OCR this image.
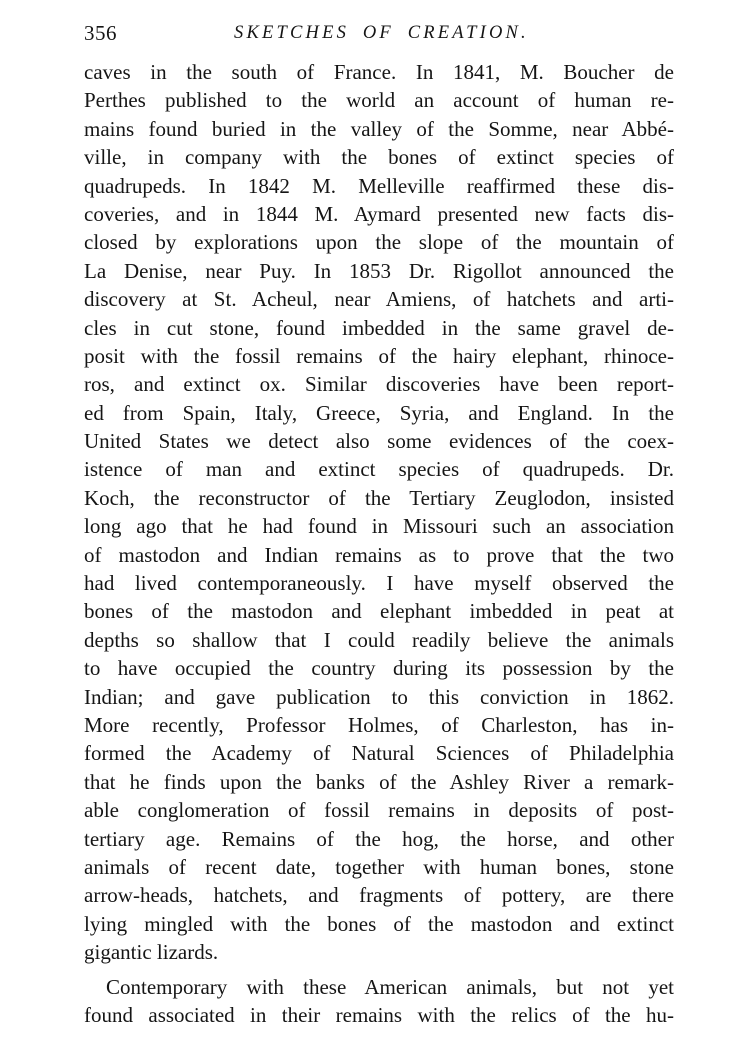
356	SKETCHES OF CREATION.
caves in the south of France. In 1841, M. Boucher de
Perthes published to the world an account of human re-
mains found buried in the valley of the Somme, near Abbé-
ville, in company with the bones of extinct species of
quadrupeds. In 1842 M. Melleville reaffirmed these dis-
coveries, and in 1844 M. Aymard presented new facts dis-
closed by explorations upon the slope of the mountain of
La Denise, near Puy. In 1853 Dr. Rigollot announced the
discovery at St. Acheul, near Amiens, of hatchets and arti-
cles in cut stone, found imbedded in the same gravel de-
posit with the fossil remains of the hairy elephant, rhinoce-
ros, and extinct ox. Similar discoveries have been report-
ed from Spain, Italy, Greece, Syria, and England. In the
United States we detect also some evidences of the coex-
istence of man and extinct species of quadrupeds. Dr.
Koch, the reconstructor of the Tertiary Zeuglodon, insisted
long ago that he had found in Missouri such an association
of mastodon and Indian remains as to prove that the two
had lived contemporaneously. I have myself observed the
bones of the mastodon and elephant imbedded in peat at
depths so shallow that I could readily believe the animals
to have occupied the country during its possession by the
Indian; and gave publication to this conviction in 1862.
More recently, Professor Holmes, of Charleston, has in-
formed the Academy of Natural Sciences of Philadelphia
that he finds upon the banks of the Ashley River a remark-
able conglomeration of fossil remains in deposits of post-
tertiary age. Remains of the hog, the horse, and other
animals of recent date, together with human bones, stone
arrow-heads, hatchets, and fragments of pottery, are there
lying mingled with the bones of the mastodon and extinct
gigantic lizards.
Contemporary with these American animals, but not yet
found associated in their remains with the relics of the hu-
